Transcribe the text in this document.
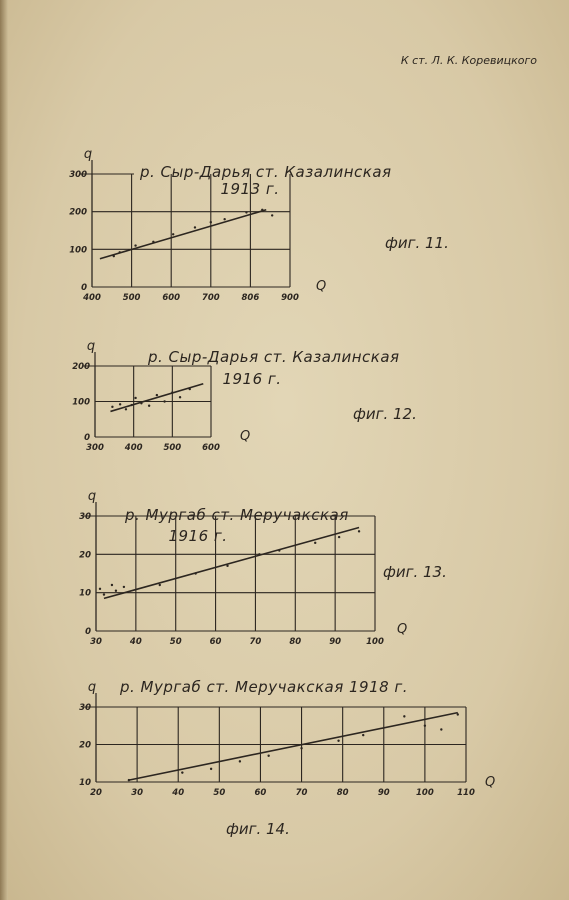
К ст. Л. К. Коревицкого
400	500	600	700	806	900
0
100
200
300
q
Q
р. Сыр-Дарья ст. Казалинская
1913 г.
фиг. 11.
300 400 500 600
0
100
200
q
Q
р. Сыр-Дарья ст. Казалинская
1916 г.
фиг. 12.
30	40	50	60	70	80	90	100
0
10
20
30
q
Q
р. Мургаб ст. Меручакская
1916 г.
фиг. 13.
20	30	40	50	60	70	80	90	100	110
10
20
30
q
Q
р. Мургаб ст. Меручакская 1918 г.
фиг. 14.
